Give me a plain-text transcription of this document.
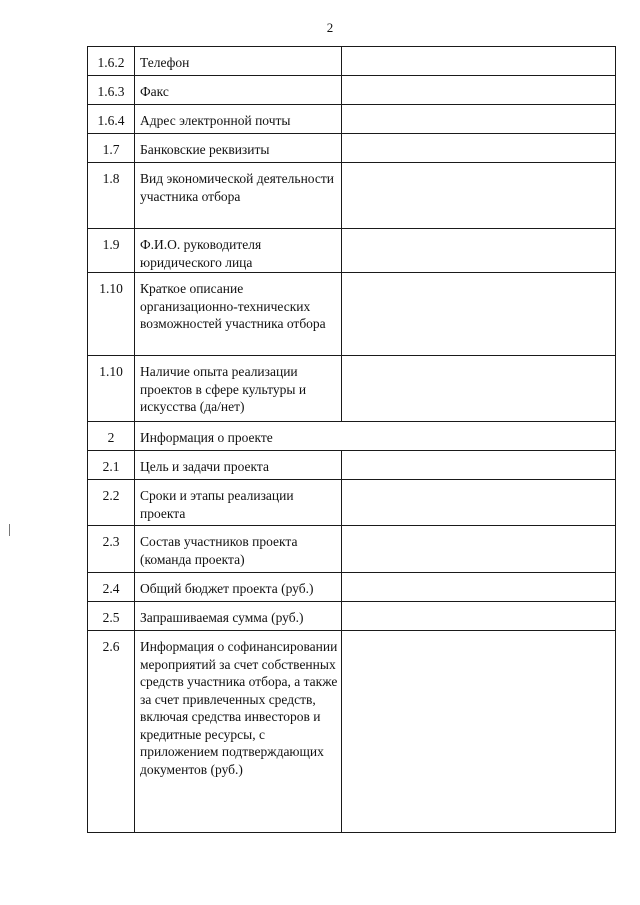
2
1.6.2	Телефон	
1.6.3	Факс	
1.6.4	Адрес электронной почты	
1.7	Банковские реквизиты	
1.8	Вид экономической деятельности участника отбора	
1.9	Ф.И.О. руководителя юридического лица	
1.10	Краткое описание организационно-технических возможностей участника отбора	
1.10	Наличие опыта реализации проектов в сфере культуры и искусства (да/нет)	
2	Информация о проекте	
2.1	Цель и задачи проекта	
2.2	Сроки и этапы реализации проекта	
2.3	Состав участников проекта (команда проекта)	
2.4	Общий бюджет проекта (руб.)	
2.5	Запрашиваемая сумма (руб.)	
2.6	Информация о софинансировании мероприятий за счет собственных средств участника отбора, а также за счет привлеченных средств, включая средства инвесторов и кредитные ресурсы, с приложением подтверждающих документов (руб.)	
